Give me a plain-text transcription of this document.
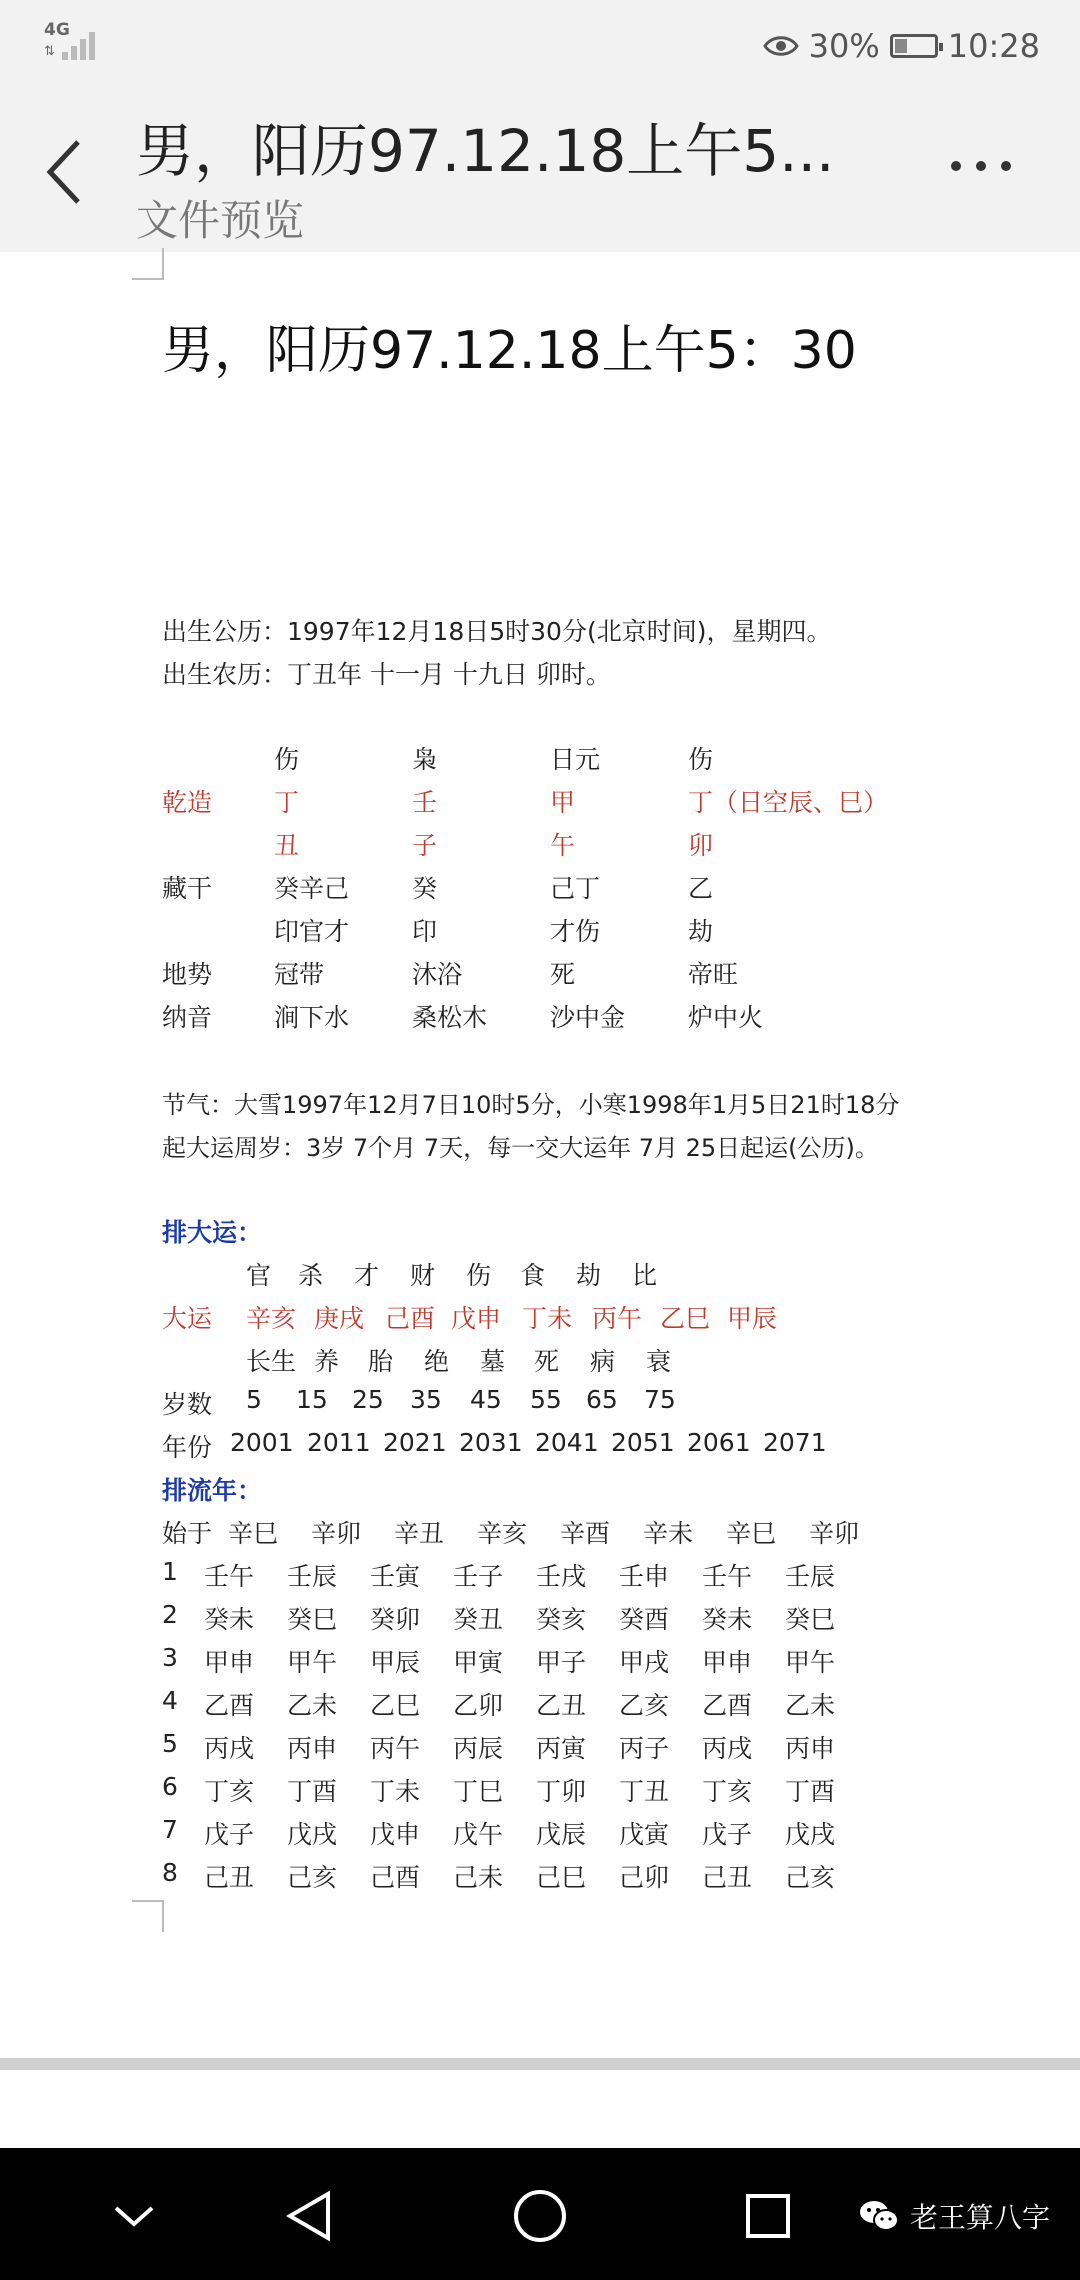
4G
⇅	30% 10:28
男，阳历97.12.18上午5...
文件预览
男，阳历97.12.18上午5：30
出生公历：1997年12月18日5时30分(北京时间)，星期四。
出生农历：丁丑年 十一月 十九日 卯时。
伤	枭	日元	伤
乾造 丁	壬	甲	丁（日空辰、巳）
丑	子	午	卯
藏干 癸辛己	癸	己丁	乙
印官才	印	才伤	劫
地势 冠带	沐浴	死	帝旺
纳音 涧下水	桑松木	沙中金	炉中火
节气：大雪1997年12月7日10时5分，小寒1998年1月5日21时18分
起大运周岁：3岁 7个月 7天，每一交大运年 7月 25日起运(公历)。
排大运：
官 杀 才 财 伤 食 劫 比
大运 辛亥 庚戌 己酉 戊申 丁未 丙午 乙巳 甲辰
长生 养 胎 绝 墓 死 病 衰
岁数 5 15 25 35 45 55 65 75
年份 2001 2011 2021 2031 2041 2051 2061 2071
排流年：
始于 辛巳 辛卯 辛丑 辛亥 辛酉 辛未 辛巳 辛卯
1 壬午 壬辰 壬寅 壬子 壬戌 壬申 壬午 壬辰
2 癸未 癸巳 癸卯 癸丑 癸亥 癸酉 癸未 癸巳
3 甲申 甲午 甲辰 甲寅 甲子 甲戌 甲申 甲午
4 乙酉 乙未 乙巳 乙卯 乙丑 乙亥 乙酉 乙未
5 丙戌 丙申 丙午 丙辰 丙寅 丙子 丙戌 丙申
6 丁亥 丁酉 丁未 丁巳 丁卯 丁丑 丁亥 丁酉
7 戊子 戊戌 戊申 戊午 戊辰 戊寅 戊子 戊戌
8 己丑 己亥 己酉 己未 己巳 己卯 己丑 己亥
老王算八字
